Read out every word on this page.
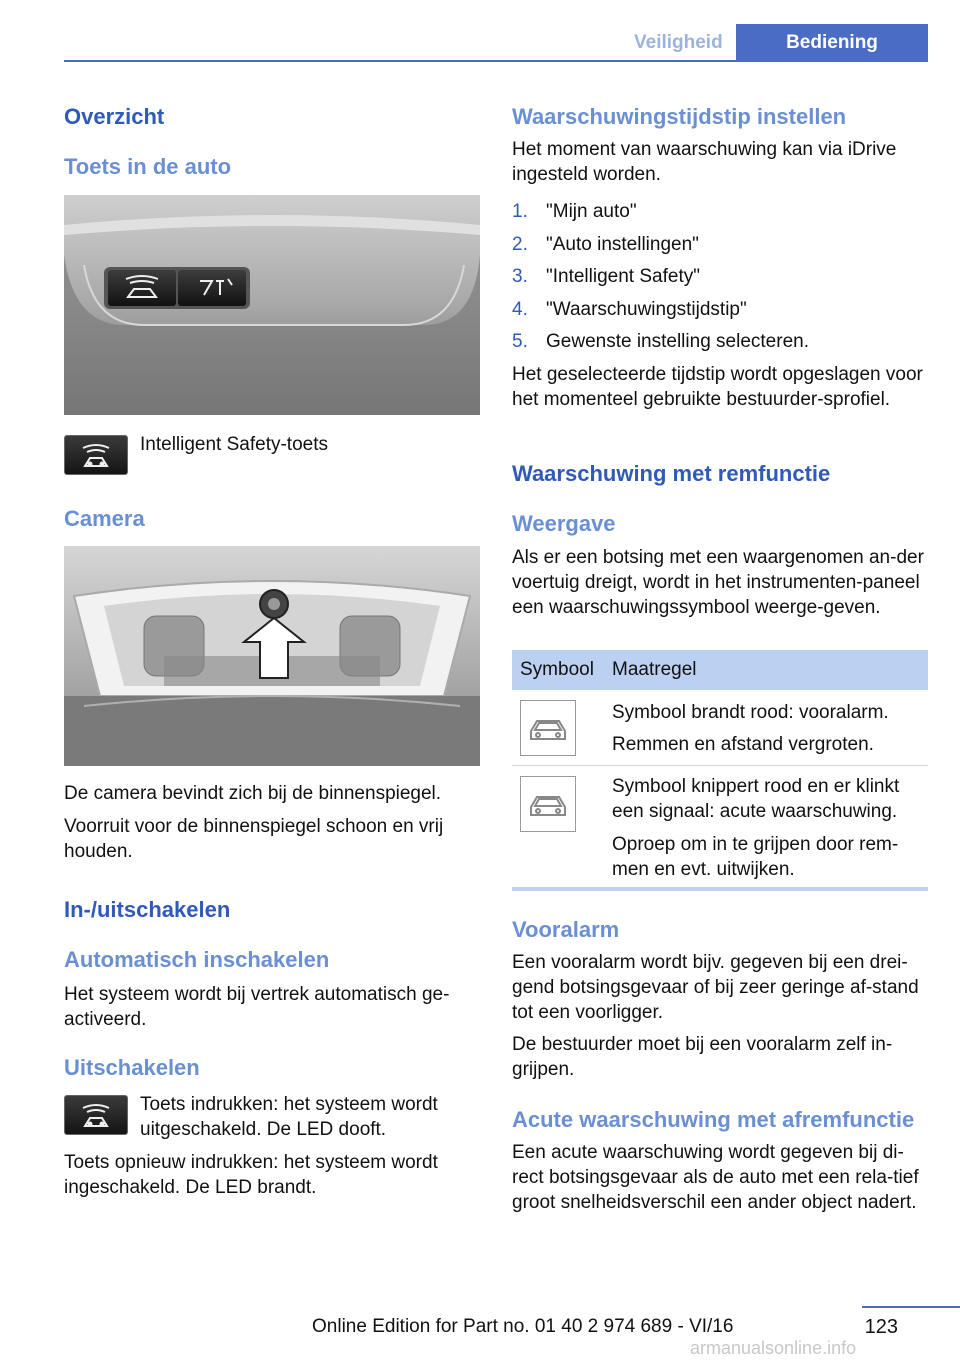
Veiligheid	Bediening
Overzicht
Toets in de auto
Intelligent Safety-toets
Camera
De camera bevindt zich bij de binnenspiegel.
Voorruit voor de binnenspiegel schoon en vrij houden.
In-/uitschakelen
Automatisch inschakelen
Het systeem wordt bij vertrek automatisch ge‐activeerd.
Uitschakelen
Toets indrukken: het systeem wordt uitgeschakeld. De LED dooft.
Toets opnieuw indrukken: het systeem wordt ingeschakeld. De LED brandt.
Waarschuwingstijdstip instellen
Het moment van waarschuwing kan via iDrive ingesteld worden.
1. "Mijn auto"
2. "Auto instellingen"
3. "Intelligent Safety"
4. "Waarschuwingstijdstip"
5. Gewenste instelling selecteren.
Het geselecteerde tijdstip wordt opgeslagen voor het momenteel gebruikte bestuurder‐sprofiel.
Waarschuwing met remfunctie
Weergave
Als er een botsing met een waargenomen an‐der voertuig dreigt, wordt in het instrumenten‐paneel een waarschuwingssymbool weerge‐geven.
Symbool Maatregel
Symbool brandt rood: vooralarm.
Remmen en afstand vergroten.
Symbool knippert rood en er klinkt een signaal: acute waarschuwing.
Oproep om in te grijpen door rem‐men en evt. uitwijken.
Vooralarm
Een vooralarm wordt bijv. gegeven bij een drei‐gend botsingsgevaar of bij zeer geringe af‐stand tot een voorligger.
De bestuurder moet bij een vooralarm zelf in‐grijpen.
Acute waarschuwing met afremfunctie
Een acute waarschuwing wordt gegeven bij di‐rect botsingsgevaar als de auto met een rela‐tief groot snelheidsverschil een ander object nadert.
123
Online Edition for Part no. 01 40 2 974 689 - VI/16
armanualsonline.info
